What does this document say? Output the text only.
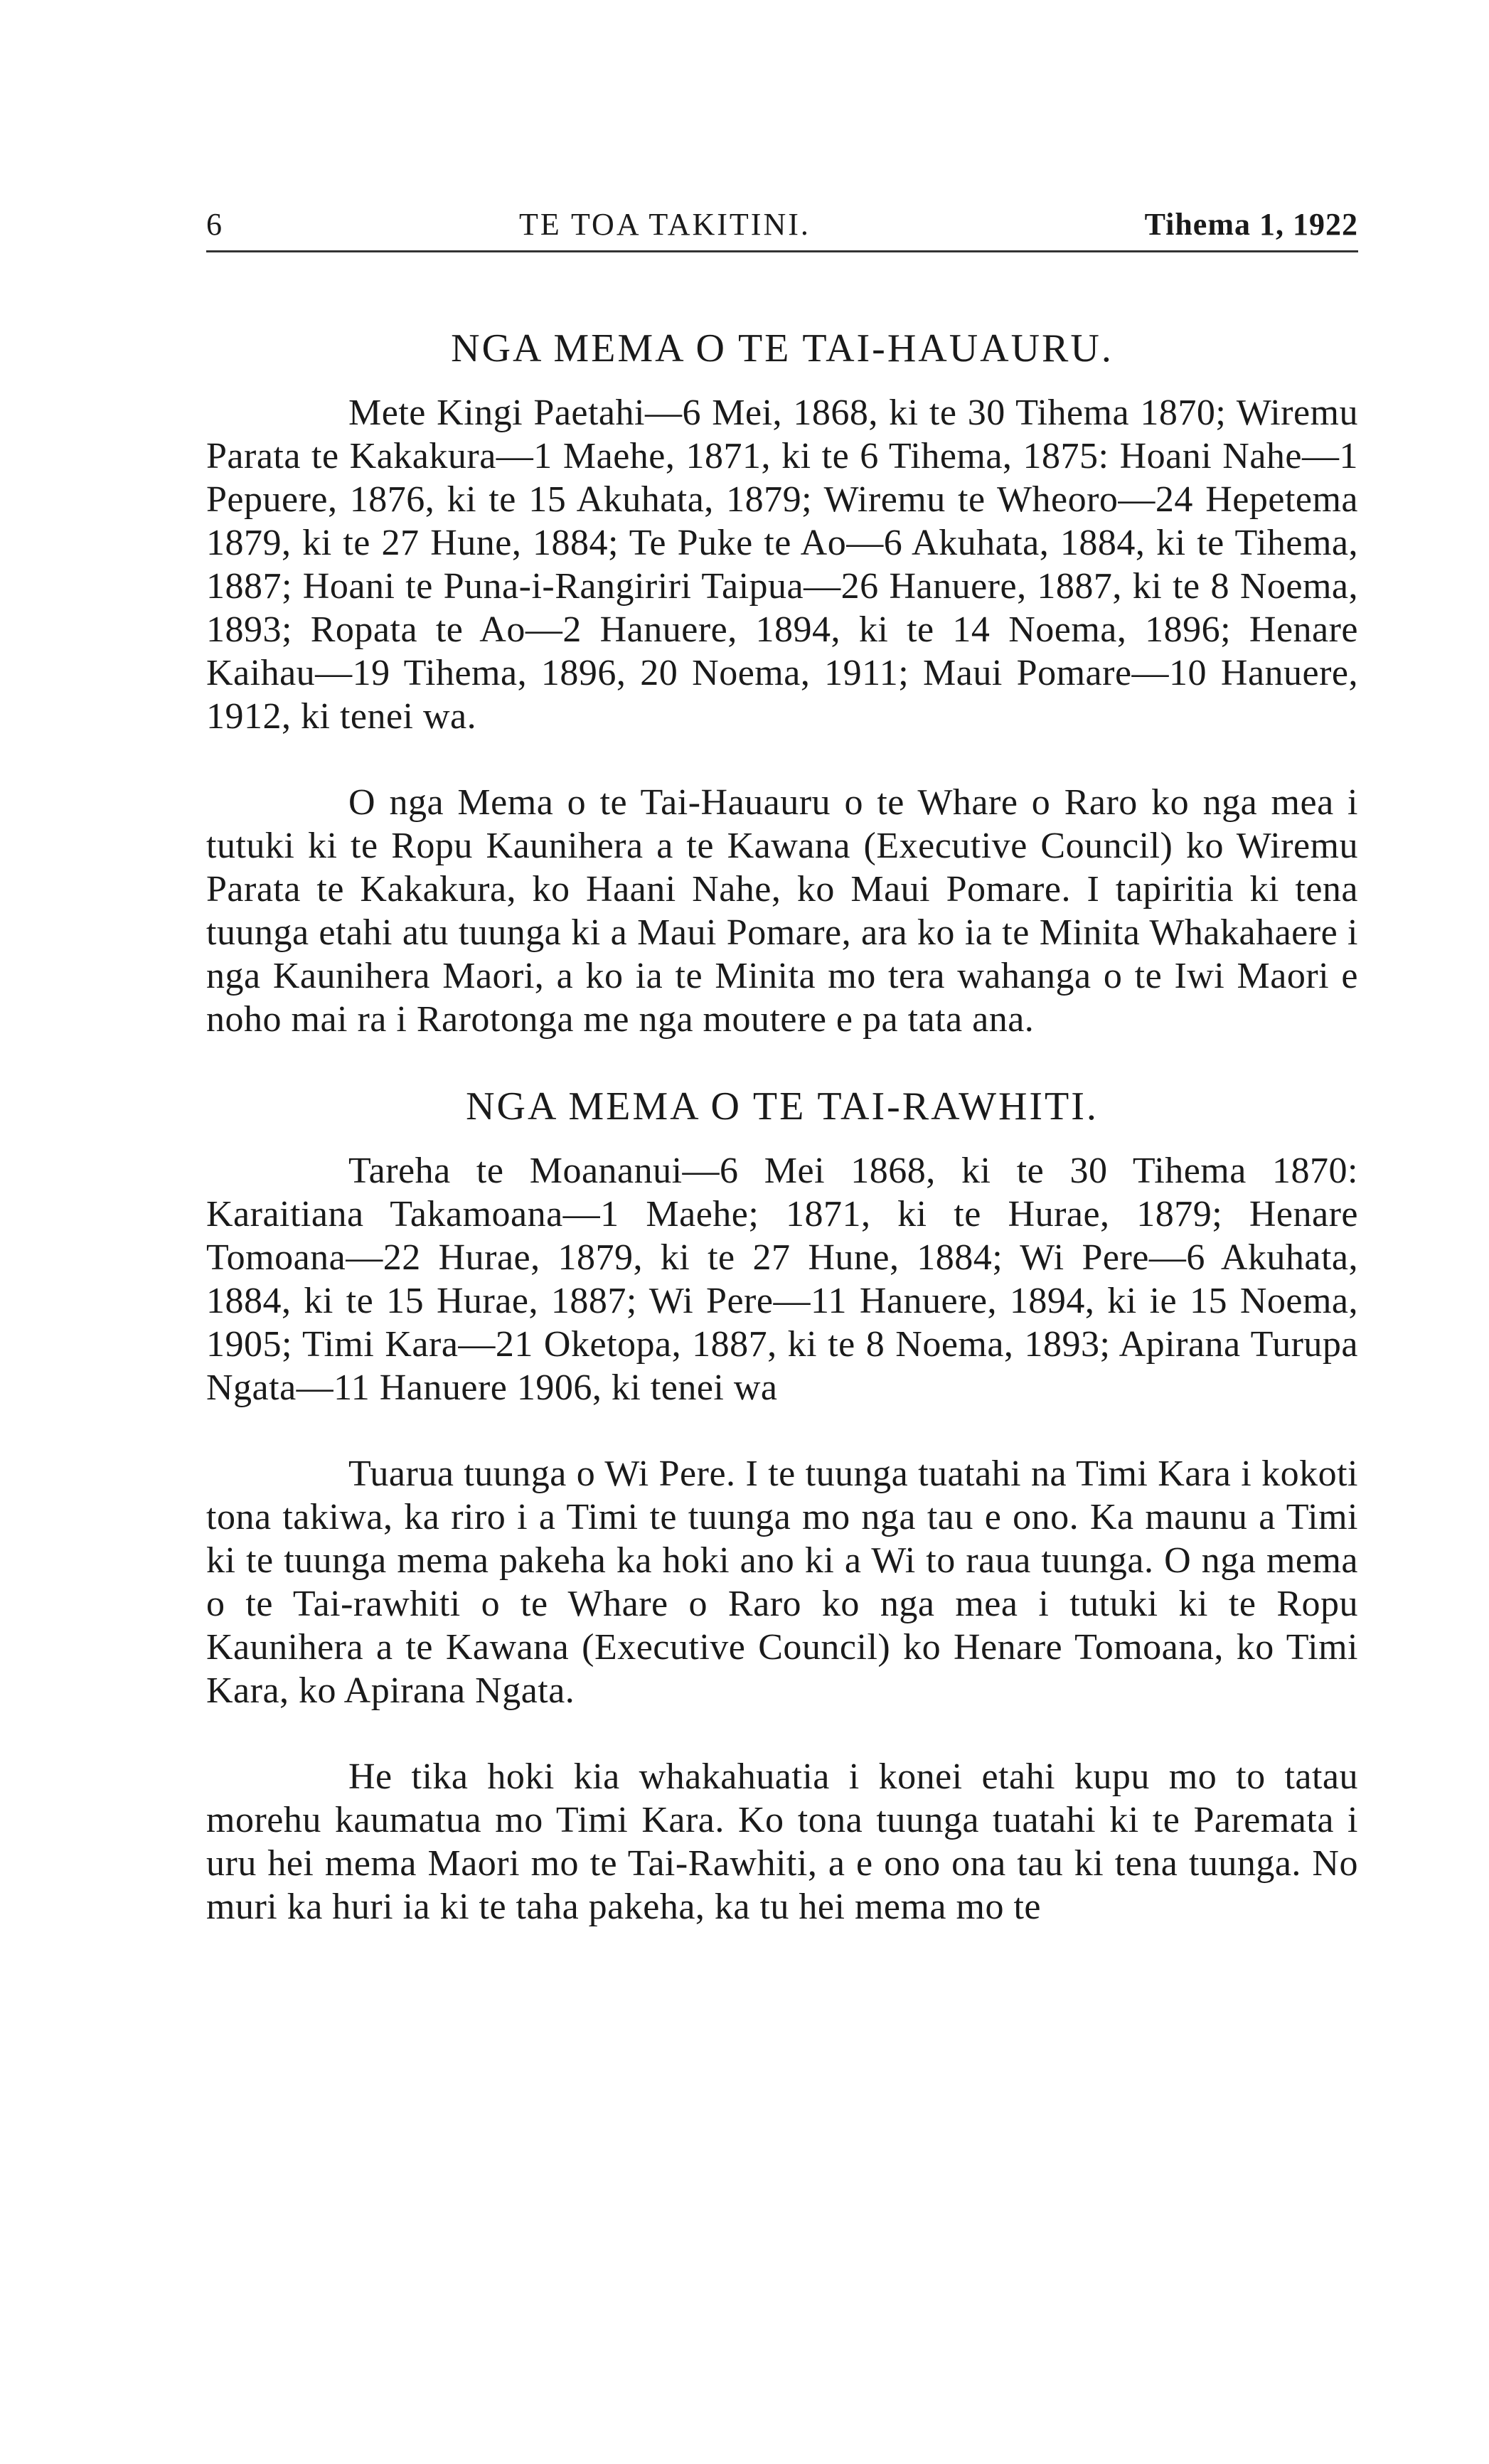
6	TE TOA TAKITINI.	Tihema 1, 1922
NGA MEMA O TE TAI-HAUAURU.

Mete Kingi Paetahi—6 Mei, 1868, ki te 30 Tihema 1870; Wiremu Parata te Kakakura—1 Maehe, 1871, ki te 6 Tihema, 1875: Hoani Nahe—1 Pepuere, 1876, ki te 15 Akuhata, 1879; Wiremu te Wheoro—24 Hepetema 1879, ki te 27 Hune, 1884; Te Puke te Ao—6 Akuhata, 1884, ki te Tihema, 1887; Hoani te Puna-i-Rangiriri Taipua—26 Hanuere, 1887, ki te 8 Noema, 1893; Ropata te Ao—2 Hanuere, 1894, ki te 14 Noema, 1896; Henare Kaihau—19 Tihema, 1896, 20 Noema, 1911; Maui Pomare—10 Hanuere, 1912, ki tenei wa.

O nga Mema o te Tai-Hauauru o te Whare o Raro ko nga mea i tutuki ki te Ropu Kaunihera a te Kawana (Executive Council) ko Wiremu Parata te Kakakura, ko Haani Nahe, ko Maui Pomare. I tapiritia ki tena tuunga etahi atu tuunga ki a Maui Pomare, ara ko ia te Minita Whakahaere i nga Kaunihera Maori, a ko ia te Minita mo tera wahanga o te Iwi Maori e noho mai ra i Rarotonga me nga moutere e pa tata ana.

NGA MEMA O TE TAI-RAWHITI.

Tareha te Moananui—6 Mei 1868, ki te 30 Tihema 1870: Karaitiana Takamoana—1 Maehe; 1871, ki te Hurae, 1879; Henare Tomoana—22 Hurae, 1879, ki te 27 Hune, 1884; Wi Pere—6 Akuhata, 1884, ki te 15 Hurae, 1887; Wi Pere—11 Hanuere, 1894, ki ie 15 Noema, 1905; Timi Kara—21 Oketopa, 1887, ki te 8 Noema, 1893; Apirana Turupa Ngata—11 Hanuere 1906, ki tenei wa

Tuarua tuunga o Wi Pere. I te tuunga tuatahi na Timi Kara i kokoti tona takiwa, ka riro i a Timi te tuunga mo nga tau e ono. Ka maunu a Timi ki te tuunga mema pakeha ka hoki ano ki a Wi to raua tuunga. O nga mema o te Tai-rawhiti o te Whare o Raro ko nga mea i tutuki ki te Ropu Kaunihera a te Kawana (Executive Council) ko Henare Tomoana, ko Timi Kara, ko Apirana Ngata.

He tika hoki kia whakahuatia i konei etahi kupu mo to tatau morehu kaumatua mo Timi Kara. Ko tona tuunga tuatahi ki te Paremata i uru hei mema Maori mo te Tai-Rawhiti, a e ono ona tau ki tena tuunga. No muri ka huri ia ki te taha pakeha, ka tu hei mema mo te
